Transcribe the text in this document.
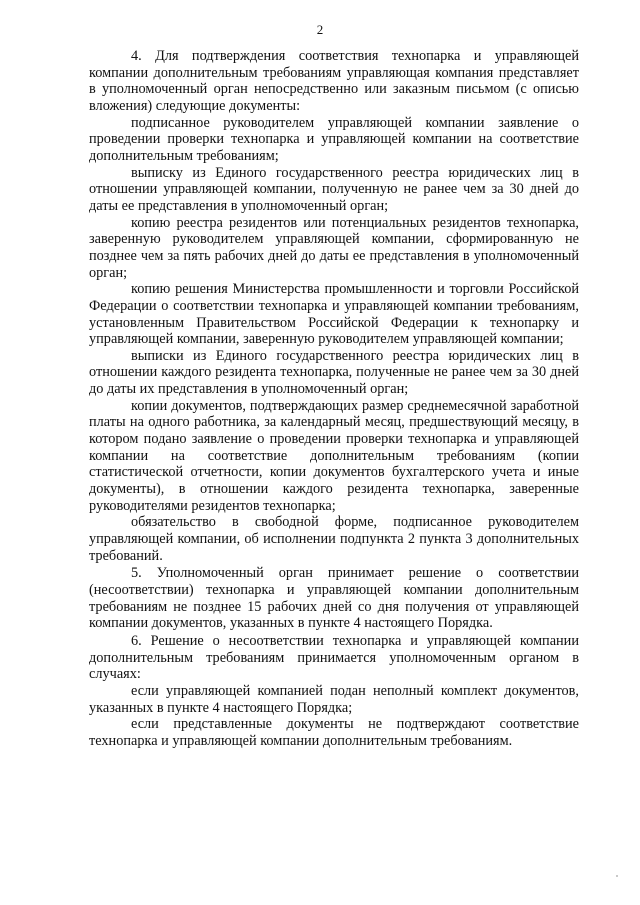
2

4. Для подтверждения соответствия технопарка и управляющей компании дополнительным требованиям управляющая компания представляет в уполномоченный орган непосредственно или заказным письмом (с описью вложения) следующие документы:

подписанное руководителем управляющей компании заявление о проведении проверки технопарка и управляющей компании на соответствие дополнительным требованиям;

выписку из Единого государственного реестра юридических лиц в отношении управляющей компании, полученную не ранее чем за 30 дней до даты ее представления в уполномоченный орган;

копию реестра резидентов или потенциальных резидентов технопарка, заверенную руководителем управляющей компании, сформированную не позднее чем за пять рабочих дней до даты ее представления в уполномоченный орган;

копию решения Министерства промышленности и торговли Российской Федерации о соответствии технопарка и управляющей компании требованиям, установленным Правительством Российской Федерации к технопарку и управляющей компании, заверенную руководителем управляющей компании;

выписки из Единого государственного реестра юридических лиц в отношении каждого резидента технопарка, полученные не ранее чем за 30 дней до даты их представления в уполномоченный орган;

копии документов, подтверждающих размер среднемесячной заработной платы на одного работника, за календарный месяц, предшествующий месяцу, в котором подано заявление о проведении проверки технопарка и управляющей компании на соответствие дополнительным требованиям (копии статистической отчетности, копии документов бухгалтерского учета и иные документы), в отношении каждого резидента технопарка, заверенные руководителями резидентов технопарка;

обязательство в свободной форме, подписанное руководителем управляющей компании, об исполнении подпункта 2 пункта 3 дополнительных требований.

5. Уполномоченный орган принимает решение о соответствии (несоответствии) технопарка и управляющей компании дополнительным требованиям не позднее 15 рабочих дней со дня получения от управляющей компании документов, указанных в пункте 4 настоящего Порядка.

6. Решение о несоответствии технопарка и управляющей компании дополнительным требованиям принимается уполномоченным органом в случаях:

если управляющей компанией подан неполный комплект документов, указанных в пункте 4 настоящего Порядка;

если представленные документы не подтверждают соответствие технопарка и управляющей компании дополнительным требованиям.
